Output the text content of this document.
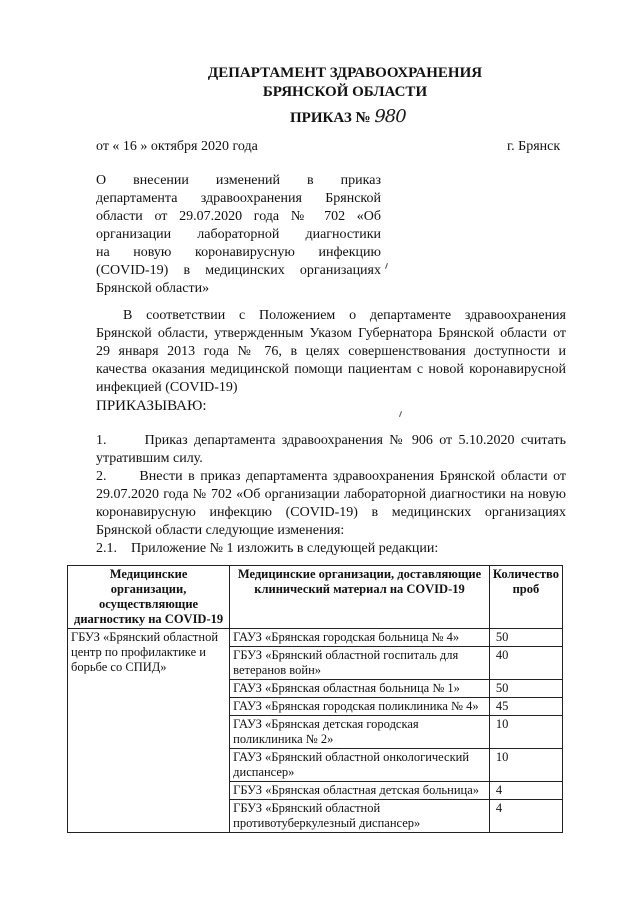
ДЕПАРТАМЕНТ ЗДРАВООХРАНЕНИЯ
БРЯНСКОЙ ОБЛАСТИ
ПРИКАЗ № 980
от « 16 » октября 2020 года	г. Брянск
О внесении изменений в приказ
департамента здравоохранения Брянской
области от 29.07.2020 года № 702 «Об
организации лабораторной диагностики
на новую коронавирусную инфекцию
(COVID-19) в медицинских организациях
Брянской области»
В соответствии с Положением о департаменте здравоохранения
Брянской области, утвержденным Указом Губернатора Брянской области от
29 января 2013 года № 76, в целях совершенствования доступности и
качества оказания медицинской помощи пациентам с новой коронавирусной
инфекцией (COVID-19)
ПРИКАЗЫВАЮ:
1.      Приказ департамента здравоохранения № 906 от 5.10.2020 считать
утратившим силу.
2.      Внести в приказ департамента здравоохранения Брянской области от
29.07.2020 года № 702 «Об организации лабораторной диагностики на новую
коронавирусную инфекцию (COVID-19) в медицинских организациях
Брянской области следующие изменения:
2.1.    Приложение № 1 изложить в следующей редакции:
Медицинские организации, осуществляющие диагностику на COVID-19	Медицинские организации, доставляющие клинический материал на COVID-19	Количество проб
ГБУЗ «Брянский областной центр по профилактике и борьбе со СПИД»	ГАУЗ «Брянская городская больница № 4»	50
	ГБУЗ «Брянский областной госпиталь для ветеранов войн»	40
	ГАУЗ «Брянская областная больница № 1»	50
	ГАУЗ «Брянская городская поликлиника № 4»	45
	ГАУЗ «Брянская детская городская поликлиника № 2»	10
	ГАУЗ «Брянский областной онкологический диспансер»	10
	ГБУЗ «Брянская областная детская больница»	4
	ГБУЗ «Брянский областной противотуберкулезный диспансер»	4
